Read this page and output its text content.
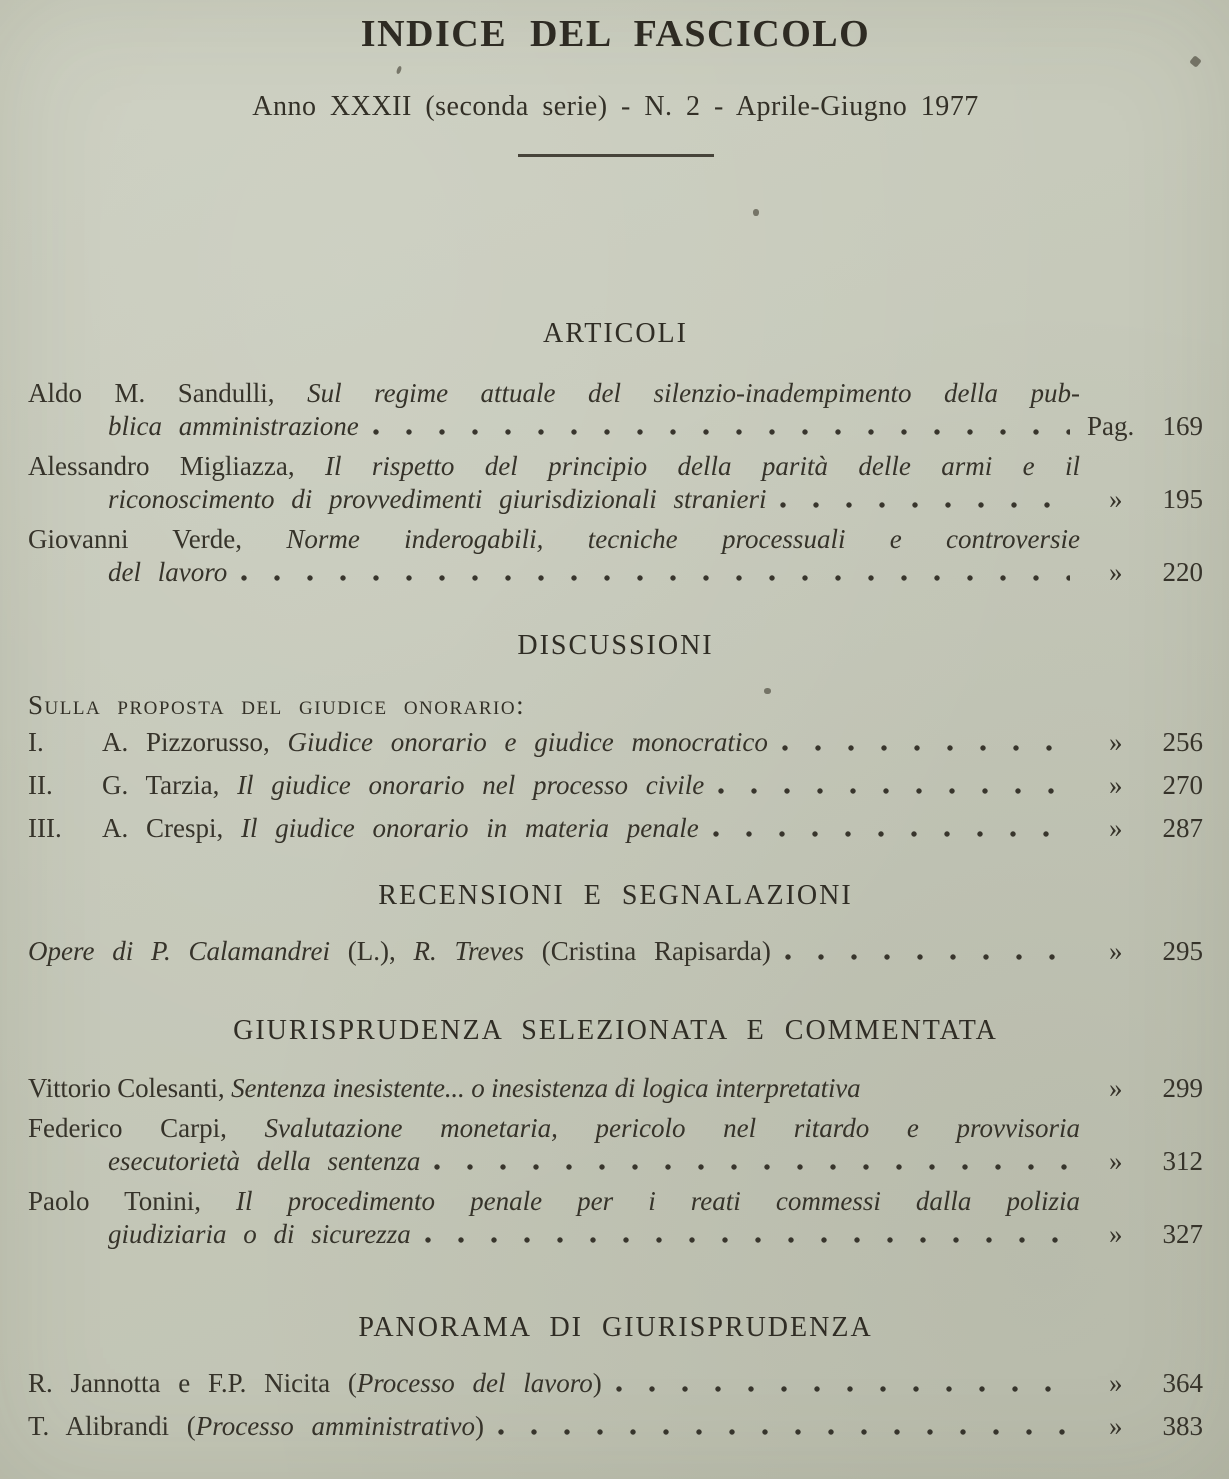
INDICE DEL FASCICOLO
Anno XXXII (seconda serie) - N. 2 - Aprile-Giugno 1977
ARTICOLI
Aldo M. Sandulli, Sul regime attuale del silenzio-inadempimento della pub-
blica amministrazione	Pag. 169
Alessandro Migliazza, Il rispetto del principio della parità delle armi e il
riconoscimento di provvedimenti giurisdizionali stranieri	» 195
Giovanni Verde, Norme inderogabili, tecniche processuali e controversie
del lavoro	» 220
DISCUSSIONI
Sulla proposta del giudice onorario:
I. A. Pizzorusso, Giudice onorario e giudice monocratico	» 256
II. G. Tarzia, Il giudice onorario nel processo civile	» 270
III. A. Crespi, Il giudice onorario in materia penale	» 287
RECENSIONI E SEGNALAZIONI
Opere di P. Calamandrei (L.), R. Treves (Cristina Rapisarda)	» 295
GIURISPRUDENZA SELEZIONATA E COMMENTATA
Vittorio Colesanti, Sentenza inesistente... o inesistenza di logica interpretativa	» 299
Federico Carpi, Svalutazione monetaria, pericolo nel ritardo e provvisoria
esecutorietà della sentenza	» 312
Paolo Tonini, Il procedimento penale per i reati commessi dalla polizia
giudiziaria o di sicurezza	» 327
PANORAMA DI GIURISPRUDENZA
R. Jannotta e F.P. Nicita (Processo del lavoro)	» 364
T. Alibrandi (Processo amministrativo)	» 383
